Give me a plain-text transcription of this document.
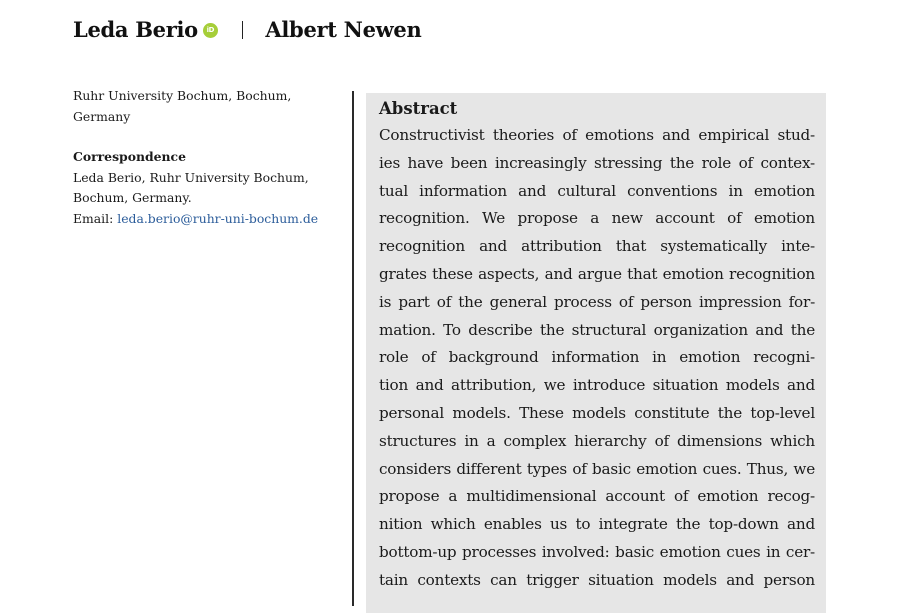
Leda Berio
iD	Albert Newen

Ruhr University Bochum, Bochum,
Germany

Correspondence

Leda Berio, Ruhr University Bochum,

Bochum, Germany.

Email: leda.berio@ruhr-uni-bochum.de

Abstract
Constructivist theories of emotions and empirical stud-
ies have been increasingly stressing the role of contex-
tual information and cultural conventions in emotion
recognition. We propose a new account of emotion
recognition and attribution that systematically inte-
grates these aspects, and argue that emotion recognition
is part of the general process of person impression for-
mation. To describe the structural organization and the
role of background information in emotion recogni-
tion and attribution, we introduce situation models and
personal models. These models constitute the top-level
structures in a complex hierarchy of dimensions which
considers different types of basic emotion cues. Thus, we
propose a multidimensional account of emotion recog-
nition which enables us to integrate the top-down and
bottom-up processes involved: basic emotion cues in cer-
tain contexts can trigger situation models and person
